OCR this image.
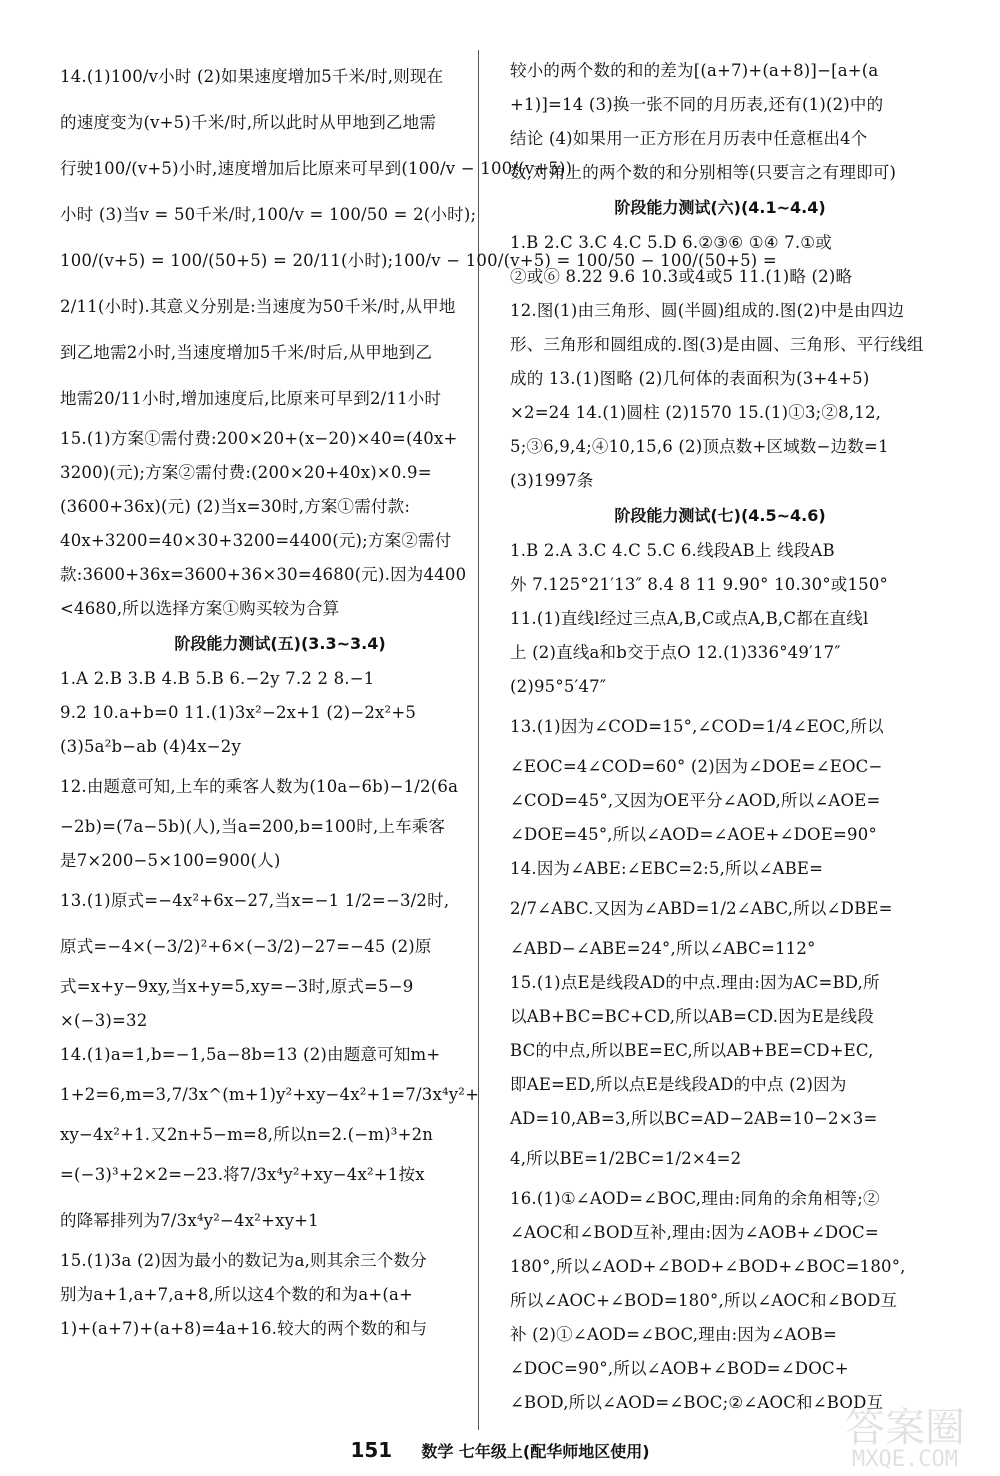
14.(1)100/v小时 (2)如果速度增加5千米/时,则现在
的速度变为(v+5)千米/时,所以此时从甲地到乙地需
行驶100/(v+5)小时,速度增加后比原来可早到(100/v − 100/(v+5))
小时 (3)当v = 50千米/时,100/v = 100/50 = 2(小时);
100/(v+5) = 100/(50+5) = 20/11(小时);100/v − 100/(v+5) = 100/50 − 100/(50+5) =
2/11(小时).其意义分别是:当速度为50千米/时,从甲地
到乙地需2小时,当速度增加5千米/时后,从甲地到乙
地需20/11小时,增加速度后,比原来可早到2/11小时
15.(1)方案①需付费:200×20+(x−20)×40=(40x+
3200)(元);方案②需付费:(200×20+40x)×0.9=
(3600+36x)(元) (2)当x=30时,方案①需付款:
40x+3200=40×30+3200=4400(元);方案②需付
款:3600+36x=3600+36×30=4680(元).因为4400
<4680,所以选择方案①购买较为合算
阶段能力测试(五)(3.3~3.4)
1.A 2.B 3.B 4.B 5.B 6.−2y 7.2 2 8.−1
9.2 10.a+b=0 11.(1)3x²−2x+1 (2)−2x²+5
(3)5a²b−ab (4)4x−2y
12.由题意可知,上车的乘客人数为(10a−6b)−1/2(6a
−2b)=(7a−5b)(人),当a=200,b=100时,上车乘客
是7×200−5×100=900(人)
13.(1)原式=−4x²+6x−27,当x=−1 1/2=−3/2时,
原式=−4×(−3/2)²+6×(−3/2)−27=−45 (2)原
式=x+y−9xy,当x+y=5,xy=−3时,原式=5−9
×(−3)=32
14.(1)a=1,b=−1,5a−8b=13 (2)由题意可知m+
1+2=6,m=3,7/3x^(m+1)y²+xy−4x²+1=7/3x⁴y²+
xy−4x²+1.又2n+5−m=8,所以n=2.(−m)³+2n
=(−3)³+2×2=−23.将7/3x⁴y²+xy−4x²+1按x
的降幂排列为7/3x⁴y²−4x²+xy+1
15.(1)3a (2)因为最小的数记为a,则其余三个数分
别为a+1,a+7,a+8,所以这4个数的和为a+(a+
1)+(a+7)+(a+8)=4a+16.较大的两个数的和与
较小的两个数的和的差为[(a+7)+(a+8)]−[a+(a
+1)]=14 (3)换一张不同的月历表,还有(1)(2)中的
结论 (4)如果用一正方形在月历表中任意框出4个
数,对角上的两个数的和分别相等(只要言之有理即可)
阶段能力测试(六)(4.1~4.4)
1.B 2.C 3.C 4.C 5.D 6.②③⑥ ①④ 7.①或
②或⑥ 8.22 9.6 10.3或4或5 11.(1)略 (2)略
12.图(1)由三角形、圆(半圆)组成的.图(2)中是由四边
形、三角形和圆组成的.图(3)是由圆、三角形、平行线组
成的 13.(1)图略 (2)几何体的表面积为(3+4+5)
×2=24 14.(1)圆柱 (2)1570 15.(1)①3;②8,12,
5;③6,9,4;④10,15,6 (2)顶点数+区域数−边数=1
(3)1997条
阶段能力测试(七)(4.5~4.6)
1.B 2.A 3.C 4.C 5.C 6.线段AB上 线段AB
外 7.125°21′13″ 8.4 8 11 9.90° 10.30°或150°
11.(1)直线l经过三点A,B,C或点A,B,C都在直线l
上 (2)直线a和b交于点O 12.(1)336°49′17″
(2)95°5′47″
13.(1)因为∠COD=15°,∠COD=1/4∠EOC,所以
∠EOC=4∠COD=60° (2)因为∠DOE=∠EOC−
∠COD=45°,又因为OE平分∠AOD,所以∠AOE=
∠DOE=45°,所以∠AOD=∠AOE+∠DOE=90°
14.因为∠ABE:∠EBC=2:5,所以∠ABE=
2/7∠ABC.又因为∠ABD=1/2∠ABC,所以∠DBE=
∠ABD−∠ABE=24°,所以∠ABC=112°
15.(1)点E是线段AD的中点.理由:因为AC=BD,所
以AB+BC=BC+CD,所以AB=CD.因为E是线段
BC的中点,所以BE=EC,所以AB+BE=CD+EC,
即AE=ED,所以点E是线段AD的中点 (2)因为
AD=10,AB=3,所以BC=AD−2AB=10−2×3=
4,所以BE=1/2BC=1/2×4=2
16.(1)①∠AOD=∠BOC,理由:同角的余角相等;②
∠AOC和∠BOD互补,理由:因为∠AOB+∠DOC=
180°,所以∠AOD+∠BOD+∠BOD+∠BOC=180°,
所以∠AOC+∠BOD=180°,所以∠AOC和∠BOD互
补 (2)①∠AOD=∠BOC,理由:因为∠AOB=
∠DOC=90°,所以∠AOB+∠BOD=∠DOC+
∠BOD,所以∠AOD=∠BOC;②∠AOC和∠BOD互
151 数学 七年级上(配华师地区使用)
答案圈
MXQE.COM
